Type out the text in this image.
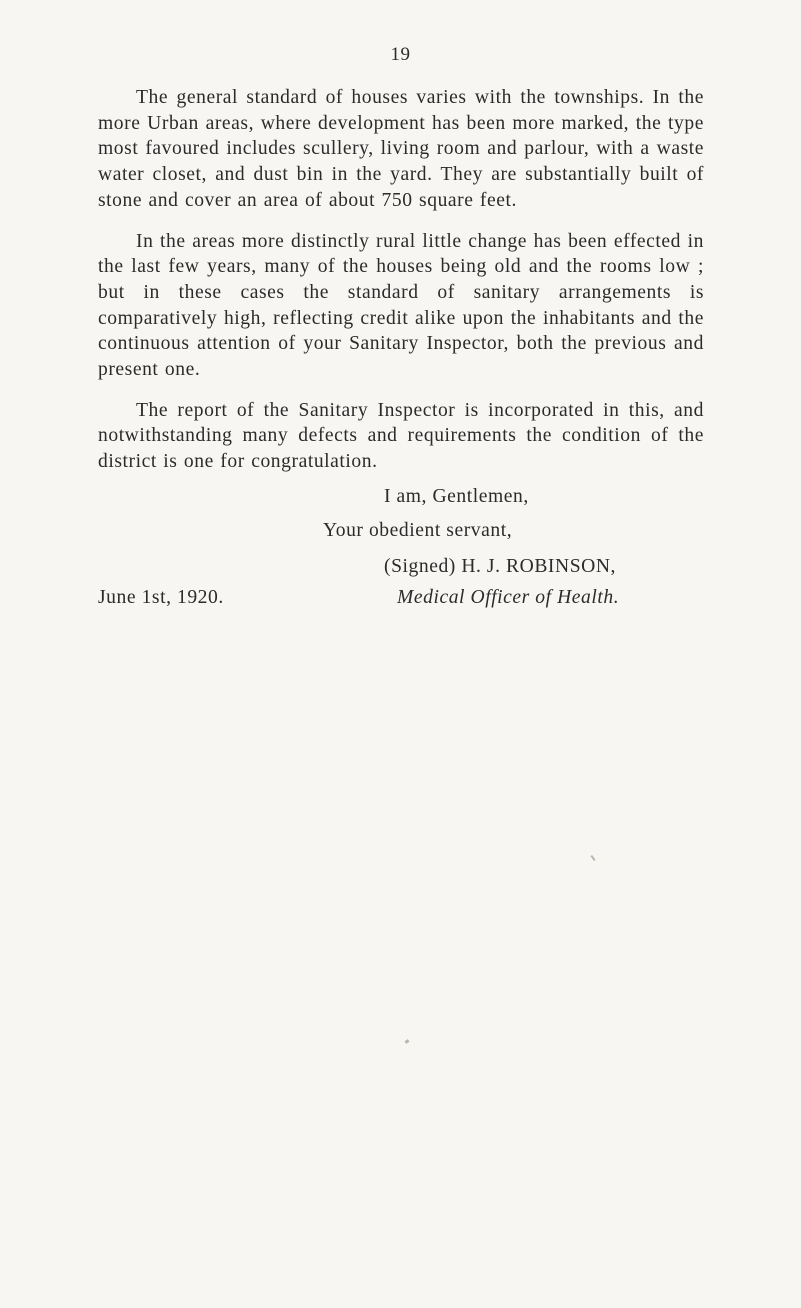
19

The general standard of houses varies with the townships. In the more Urban areas, where development has been more marked, the type most favoured includes scullery, living room and parlour, with a waste water closet, and dust bin in the yard. They are substantially built of stone and cover an area of about 750 square feet.

In the areas more distinctly rural little change has been effected in the last few years, many of the houses being old and the rooms low ; but in these cases the standard of sanitary arrangements is comparatively high, reflecting credit alike upon the inhabitants and the continuous attention of your Sanitary Inspector, both the previous and present one.

The report of the Sanitary Inspector is incorporated in this, and notwithstanding many defects and requirements the condition of the district is one for congratulation.

I am, Gentlemen,
Your obedient servant,
(Signed) H. J. ROBINSON,
June 1st, 1920.	Medical Officer of Health.
